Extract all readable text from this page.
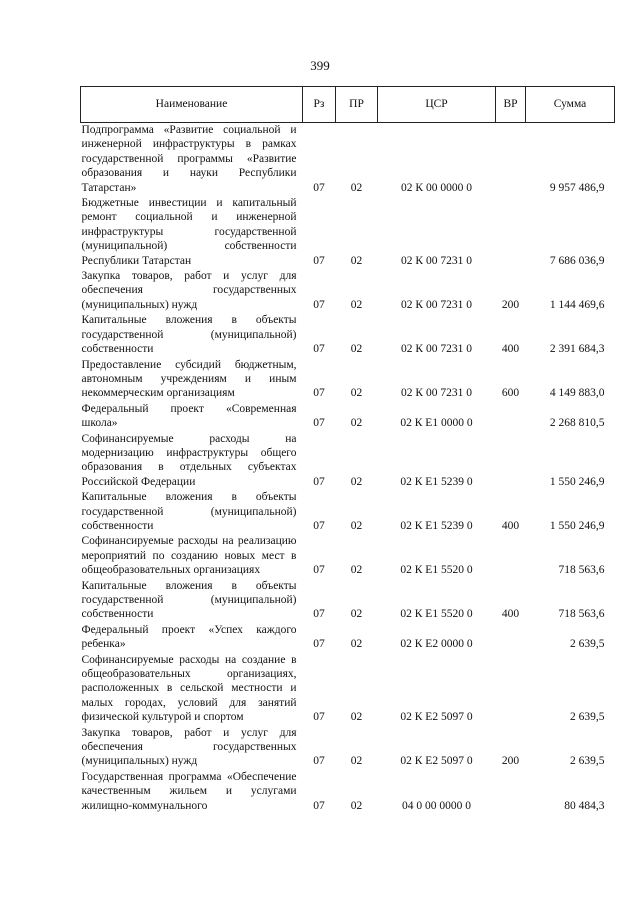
399
Наименование	Рз	ПР	ЦСР	ВР	Сумма
Подпрограмма «Развитие социальной и инженерной инфраструктуры в рамках государственной программы «Развитие образования и науки Республики Татарстан»	07	02	02 К 00 0000 0		9 957 486,9
Бюджетные инвестиции и капитальный ремонт социальной и инженерной инфраструктуры государственной (муниципальной) собственности Республики Татарстан	07	02	02 К 00 7231 0		7 686 036,9
Закупка товаров, работ и услуг для обеспечения государственных (муниципальных) нужд	07	02	02 К 00 7231 0	200	1 144 469,6
Капитальные вложения в объекты государственной (муниципальной) собственности	07	02	02 К 00 7231 0	400	2 391 684,3
Предоставление субсидий бюджетным, автономным учреждениям и иным некоммерческим организациям	07	02	02 К 00 7231 0	600	4 149 883,0
Федеральный проект «Современная школа»	07	02	02 К Е1 0000 0		2 268 810,5
Софинансируемые расходы на модернизацию инфраструктуры общего образования в отдельных субъектах Российской Федерации	07	02	02 К Е1 5239 0		1 550 246,9
Капитальные вложения в объекты государственной (муниципальной) собственности	07	02	02 К Е1 5239 0	400	1 550 246,9
Софинансируемые расходы на реализацию мероприятий по созданию новых мест в общеобразовательных организациях	07	02	02 К Е1 5520 0		718 563,6
Капитальные вложения в объекты государственной (муниципальной) собственности	07	02	02 К Е1 5520 0	400	718 563,6
Федеральный проект «Успех каждого ребенка»	07	02	02 К Е2 0000 0		2 639,5
Софинансируемые расходы на создание в общеобразовательных организациях, расположенных в сельской местности и малых городах, условий для занятий физической культурой и спортом	07	02	02 К Е2 5097 0		2 639,5
Закупка товаров, работ и услуг для обеспечения государственных (муниципальных) нужд	07	02	02 К Е2 5097 0	200	2 639,5
Государственная программа «Обеспечение качественным жильем и услугами жилищно-коммунального	07	02	04 0 00 0000 0		80 484,3
